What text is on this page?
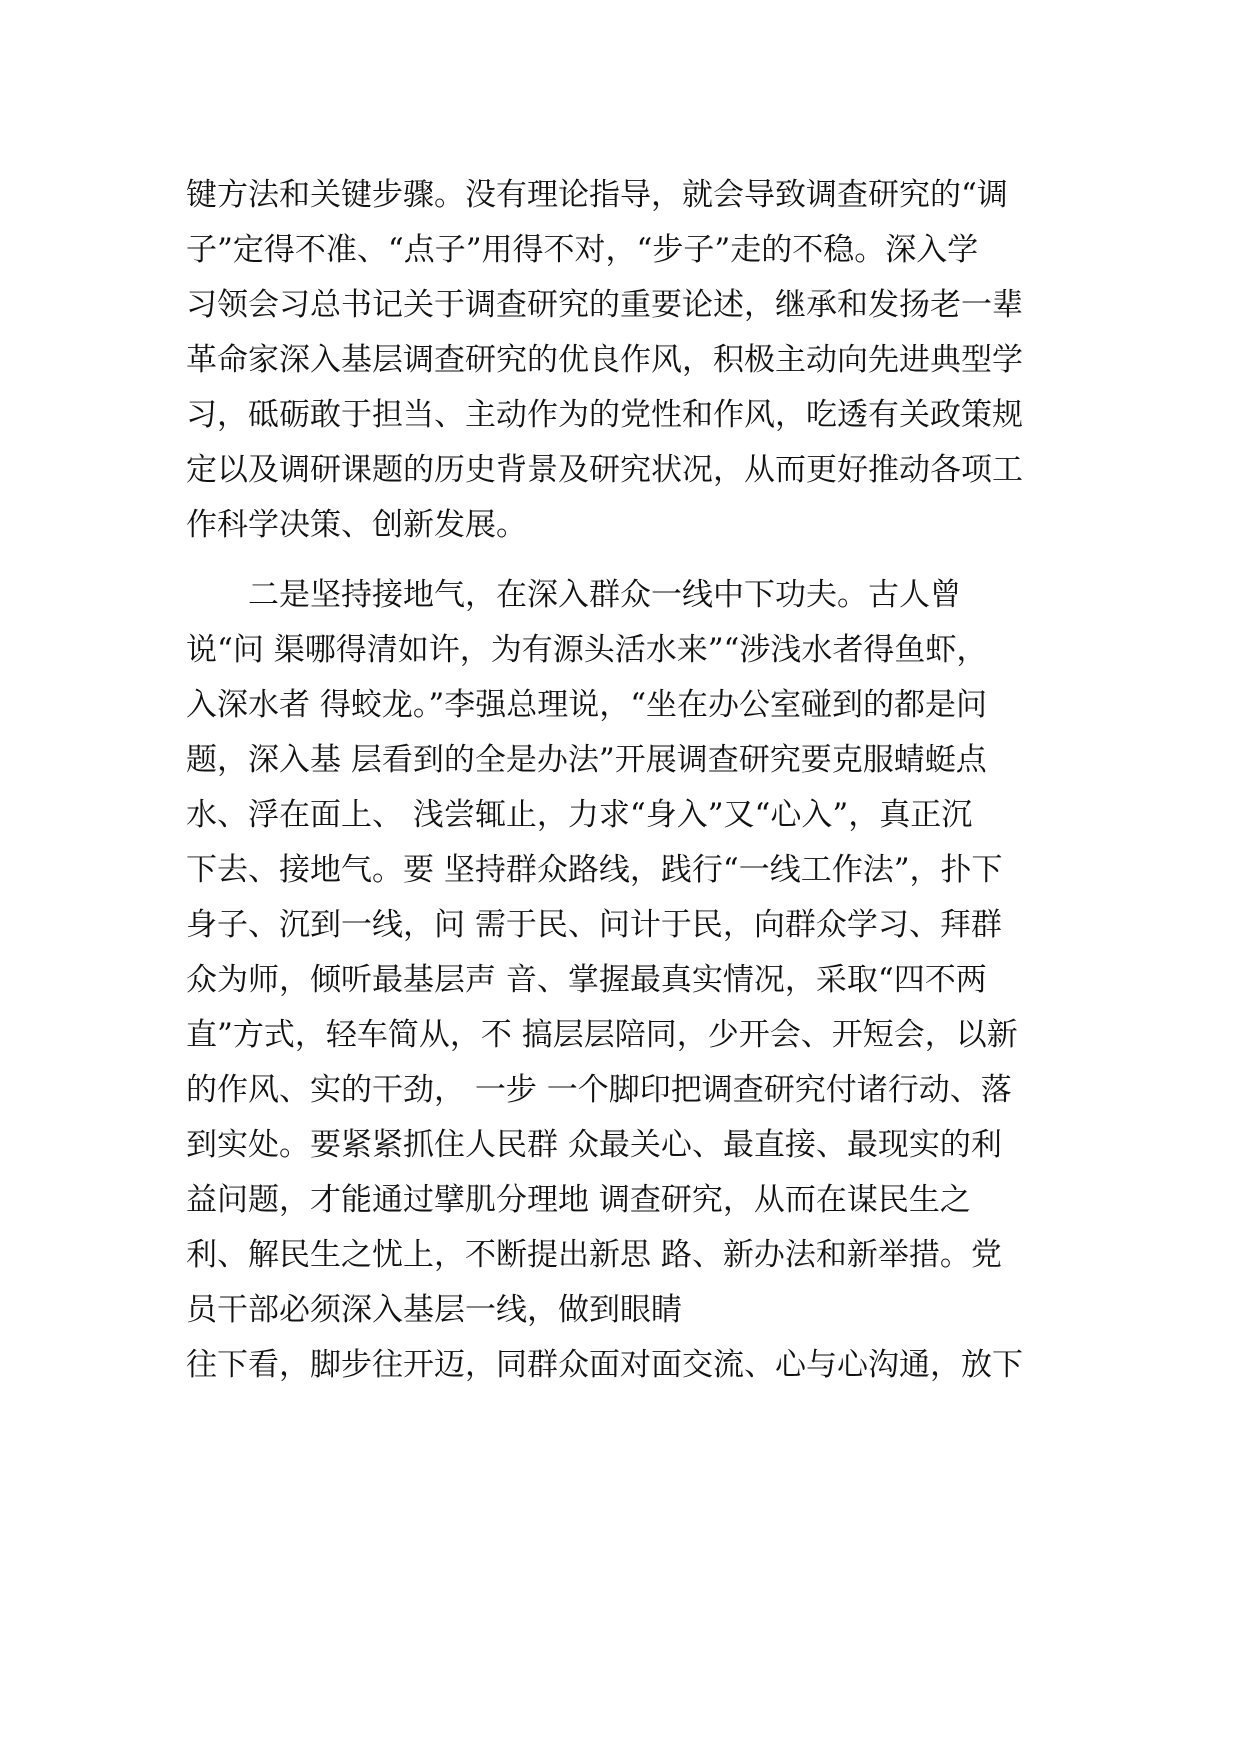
键方法和关键步骤。没有理论指导，就会导致调查研究的“调
子”定得不准、“点子”用得不对，“步子”走的不稳。深入学
习领会习总书记关于调查研究的重要论述，继承和发扬老一辈
革命家深入基层调查研究的优良作风，积极主动向先进典型学
习，砥砺敢于担当、主动作为的党性和作风，吃透有关政策规
定以及调研课题的历史背景及研究状况，从而更好推动各项工
作科学决策、创新发展。
二是坚持接地气，在深入群众一线中下功夫。古人曾
说“问 渠哪得清如许，为有源头活水来”“涉浅水者得鱼虾，
入深水者 得蛟龙。”李强总理说，“坐在办公室碰到的都是问
题，深入基 层看到的全是办法”开展调查研究要克服蜻蜓点
水、浮在面上、 浅尝辄止，力求“身入”又“心入”，真正沉
下去、接地气。要 坚持群众路线，践行“一线工作法”，扑下
身子、沉到一线，问 需于民、问计于民，向群众学习、拜群
众为师，倾听最基层声 音、掌握最真实情况，采取“四不两
直”方式，轻车简从，不 搞层层陪同，少开会、开短会，以新
的作风、实的干劲， 一步 一个脚印把调查研究付诸行动、落
到实处。要紧紧抓住人民群 众最关心、最直接、最现实的利
益问题，才能通过擘肌分理地 调查研究，从而在谋民生之
利、解民生之忧上，不断提出新思 路、新办法和新举措。党
员干部必须深入基层一线，做到眼睛
往下看，脚步往开迈，同群众面对面交流、心与心沟通，放下
